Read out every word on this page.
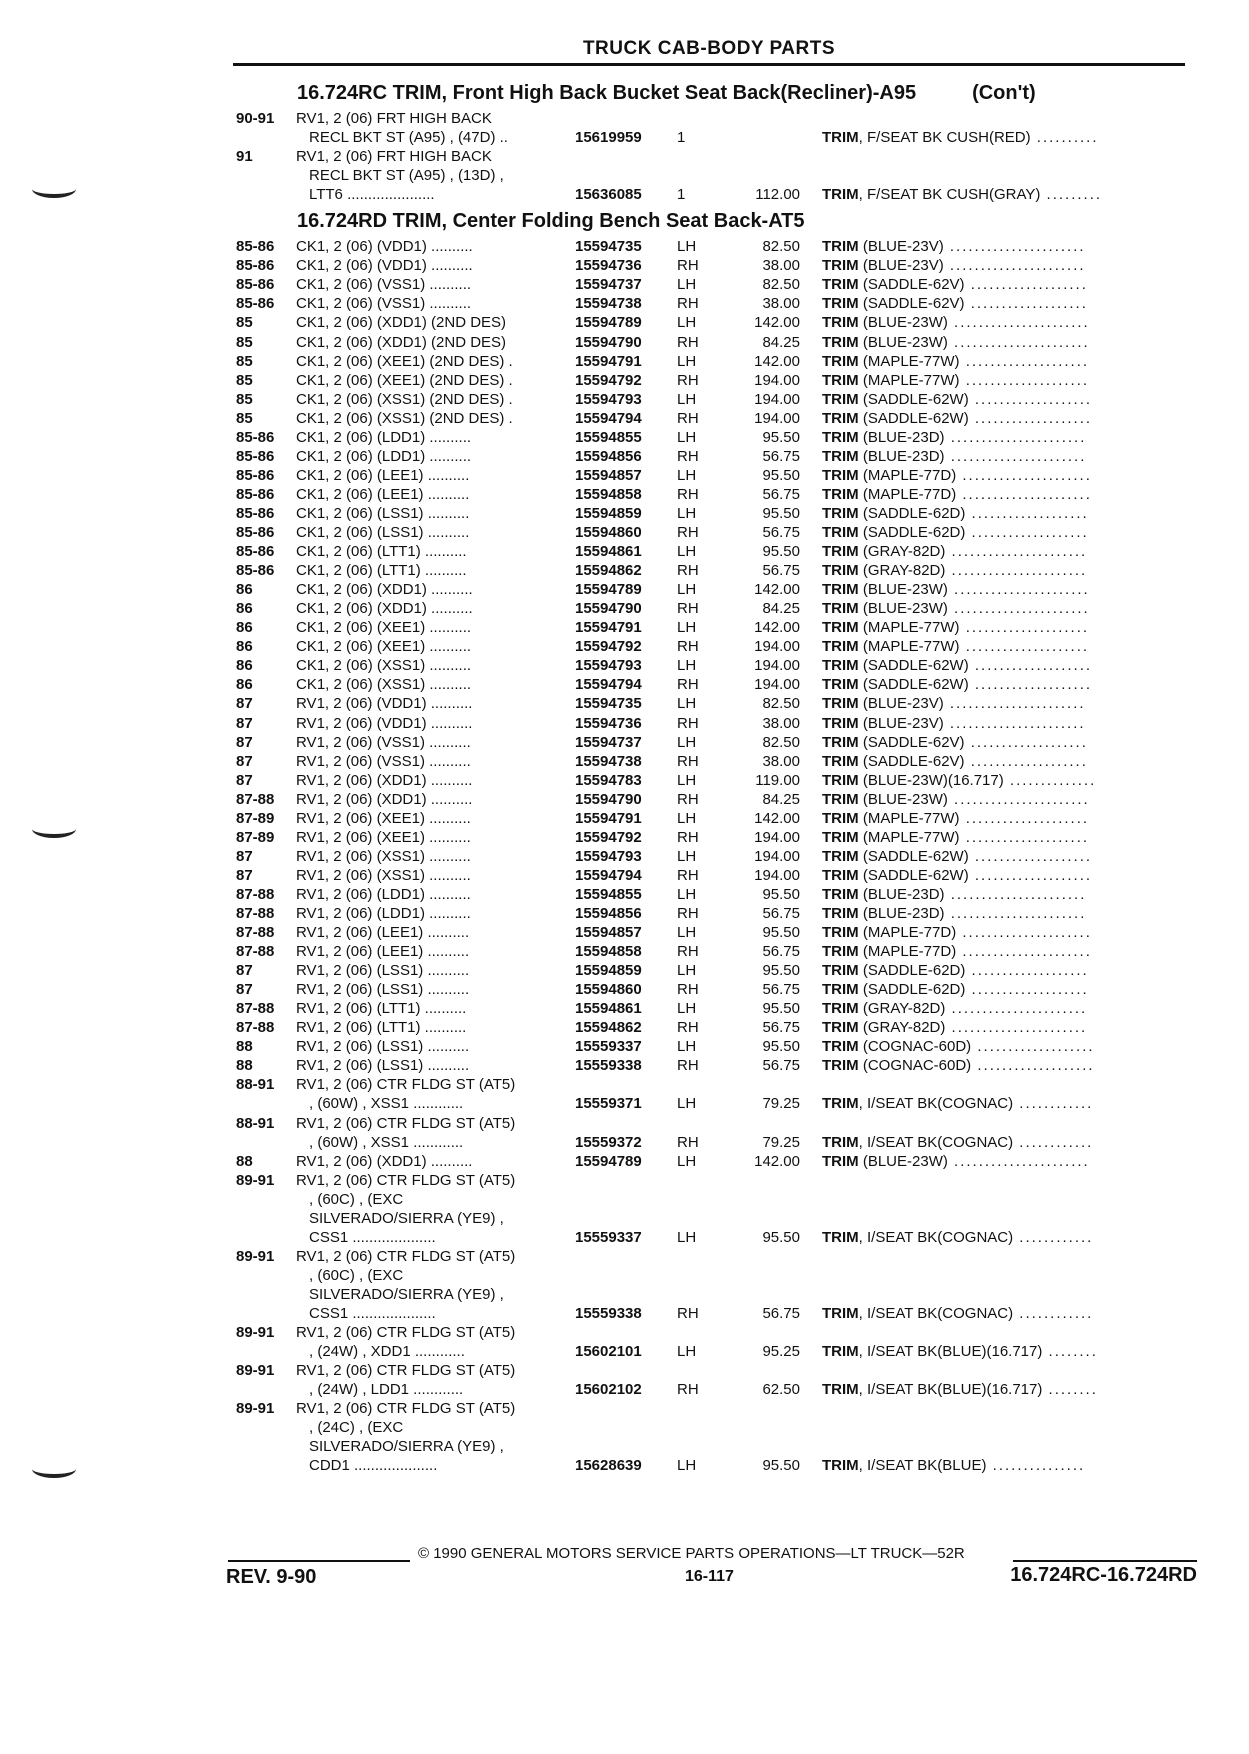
TRUCK CAB-BODY PARTS
16.724RC TRIM, Front High Back Bucket Seat Back(Recliner)-A95	(Con't)
90-91 RV1, 2 (06) FRT HIGH BACK
RECL BKT ST (A95) , (47D) ..	15619959	1	TRIM, F/SEAT BK CUSH(RED) ..........
91	RV1, 2 (06) FRT HIGH BACK
RECL BKT ST (A95) , (13D) ,
LTT6 .....................	15636085	1	112.00 TRIM, F/SEAT BK CUSH(GRAY) .........
16.724RD TRIM, Center Folding Bench Seat Back-AT5
85-86 CK1, 2 (06) (VDD1) ..........	15594735	LH	82.50 TRIM (BLUE-23V) ......................
85-86 CK1, 2 (06) (VDD1) ..........	15594736	RH	38.00 TRIM (BLUE-23V) ......................
85-86 CK1, 2 (06) (VSS1) ..........	15594737	LH	82.50 TRIM (SADDLE-62V) ...................
85-86 CK1, 2 (06) (VSS1) ..........	15594738	RH	38.00 TRIM (SADDLE-62V) ...................
85	CK1, 2 (06) (XDD1) (2ND DES)	15594789	LH	142.00 TRIM (BLUE-23W) ......................
85	CK1, 2 (06) (XDD1) (2ND DES)	15594790	RH	84.25 TRIM (BLUE-23W) ......................
85	CK1, 2 (06) (XEE1) (2ND DES) .	15594791	LH	142.00 TRIM (MAPLE-77W) ....................
85	CK1, 2 (06) (XEE1) (2ND DES) .	15594792	RH	194.00 TRIM (MAPLE-77W) ....................
85	CK1, 2 (06) (XSS1) (2ND DES) .	15594793	LH	194.00 TRIM (SADDLE-62W) ...................
85	CK1, 2 (06) (XSS1) (2ND DES) .	15594794	RH	194.00 TRIM (SADDLE-62W) ...................
85-86 CK1, 2 (06) (LDD1) ..........	15594855	LH	95.50 TRIM (BLUE-23D) ......................
85-86 CK1, 2 (06) (LDD1) ..........	15594856	RH	56.75 TRIM (BLUE-23D) ......................
85-86 CK1, 2 (06) (LEE1) ..........	15594857	LH	95.50 TRIM (MAPLE-77D) .....................
85-86 CK1, 2 (06) (LEE1) ..........	15594858	RH	56.75 TRIM (MAPLE-77D) .....................
85-86 CK1, 2 (06) (LSS1) ..........	15594859	LH	95.50 TRIM (SADDLE-62D) ...................
85-86 CK1, 2 (06) (LSS1) ..........	15594860	RH	56.75 TRIM (SADDLE-62D) ...................
85-86 CK1, 2 (06) (LTT1) ..........	15594861	LH	95.50 TRIM (GRAY-82D) ......................
85-86 CK1, 2 (06) (LTT1) ..........	15594862	RH	56.75 TRIM (GRAY-82D) ......................
86	CK1, 2 (06) (XDD1) ..........	15594789	LH	142.00 TRIM (BLUE-23W) ......................
86	CK1, 2 (06) (XDD1) ..........	15594790	RH	84.25 TRIM (BLUE-23W) ......................
86	CK1, 2 (06) (XEE1) ..........	15594791	LH	142.00 TRIM (MAPLE-77W) ....................
86	CK1, 2 (06) (XEE1) ..........	15594792	RH	194.00 TRIM (MAPLE-77W) ....................
86	CK1, 2 (06) (XSS1) ..........	15594793	LH	194.00 TRIM (SADDLE-62W) ...................
86	CK1, 2 (06) (XSS1) ..........	15594794	RH	194.00 TRIM (SADDLE-62W) ...................
87	RV1, 2 (06) (VDD1) ..........	15594735	LH	82.50 TRIM (BLUE-23V) ......................
87	RV1, 2 (06) (VDD1) ..........	15594736	RH	38.00 TRIM (BLUE-23V) ......................
87	RV1, 2 (06) (VSS1) ..........	15594737	LH	82.50 TRIM (SADDLE-62V) ...................
87	RV1, 2 (06) (VSS1) ..........	15594738	RH	38.00 TRIM (SADDLE-62V) ...................
87	RV1, 2 (06) (XDD1) ..........	15594783	LH	119.00 TRIM (BLUE-23W)(16.717) ..............
87-88 RV1, 2 (06) (XDD1) ..........	15594790	RH	84.25 TRIM (BLUE-23W) ......................
87-89 RV1, 2 (06) (XEE1) ..........	15594791	LH	142.00 TRIM (MAPLE-77W) ....................
87-89 RV1, 2 (06) (XEE1) ..........	15594792	RH	194.00 TRIM (MAPLE-77W) ....................
87	RV1, 2 (06) (XSS1) ..........	15594793	LH	194.00 TRIM (SADDLE-62W) ...................
87	RV1, 2 (06) (XSS1) ..........	15594794	RH	194.00 TRIM (SADDLE-62W) ...................
87-88 RV1, 2 (06) (LDD1) ..........	15594855	LH	95.50 TRIM (BLUE-23D) ......................
87-88 RV1, 2 (06) (LDD1) ..........	15594856	RH	56.75 TRIM (BLUE-23D) ......................
87-88 RV1, 2 (06) (LEE1) ..........	15594857	LH	95.50 TRIM (MAPLE-77D) .....................
87-88 RV1, 2 (06) (LEE1) ..........	15594858	RH	56.75 TRIM (MAPLE-77D) .....................
87	RV1, 2 (06) (LSS1) ..........	15594859	LH	95.50 TRIM (SADDLE-62D) ...................
87	RV1, 2 (06) (LSS1) ..........	15594860	RH	56.75 TRIM (SADDLE-62D) ...................
87-88 RV1, 2 (06) (LTT1) ..........	15594861	LH	95.50 TRIM (GRAY-82D) ......................
87-88 RV1, 2 (06) (LTT1) ..........	15594862	RH	56.75 TRIM (GRAY-82D) ......................
88	RV1, 2 (06) (LSS1) ..........	15559337	LH	95.50 TRIM (COGNAC-60D) ...................
88	RV1, 2 (06) (LSS1) ..........	15559338	RH	56.75 TRIM (COGNAC-60D) ...................
88-91 RV1, 2 (06) CTR FLDG ST (AT5)
, (60W) , XSS1 ............	15559371	LH	79.25 TRIM, I/SEAT BK(COGNAC) ............
88-91 RV1, 2 (06) CTR FLDG ST (AT5)
, (60W) , XSS1 ............	15559372	RH	79.25 TRIM, I/SEAT BK(COGNAC) ............
88	RV1, 2 (06) (XDD1) ..........	15594789	LH	142.00 TRIM (BLUE-23W) ......................
89-91 RV1, 2 (06) CTR FLDG ST (AT5)
, (60C) , (EXC
SILVERADO/SIERRA (YE9) ,
CSS1 ....................	15559337	LH	95.50 TRIM, I/SEAT BK(COGNAC) ............
89-91 RV1, 2 (06) CTR FLDG ST (AT5)
, (60C) , (EXC
SILVERADO/SIERRA (YE9) ,
CSS1 ....................	15559338	RH	56.75 TRIM, I/SEAT BK(COGNAC) ............
89-91 RV1, 2 (06) CTR FLDG ST (AT5)
, (24W) , XDD1 ............	15602101	LH	95.25 TRIM, I/SEAT BK(BLUE)(16.717) ........
89-91 RV1, 2 (06) CTR FLDG ST (AT5)
, (24W) , LDD1 ............	15602102	RH	62.50 TRIM, I/SEAT BK(BLUE)(16.717) ........
89-91 RV1, 2 (06) CTR FLDG ST (AT5)
, (24C) , (EXC
SILVERADO/SIERRA (YE9) ,
CDD1 ....................	15628639	LH	95.50 TRIM, I/SEAT BK(BLUE) ...............
© 1990 GENERAL MOTORS SERVICE PARTS OPERATIONS—LT TRUCK—52R
REV. 9-90	16-117	16.724RC-16.724RD
